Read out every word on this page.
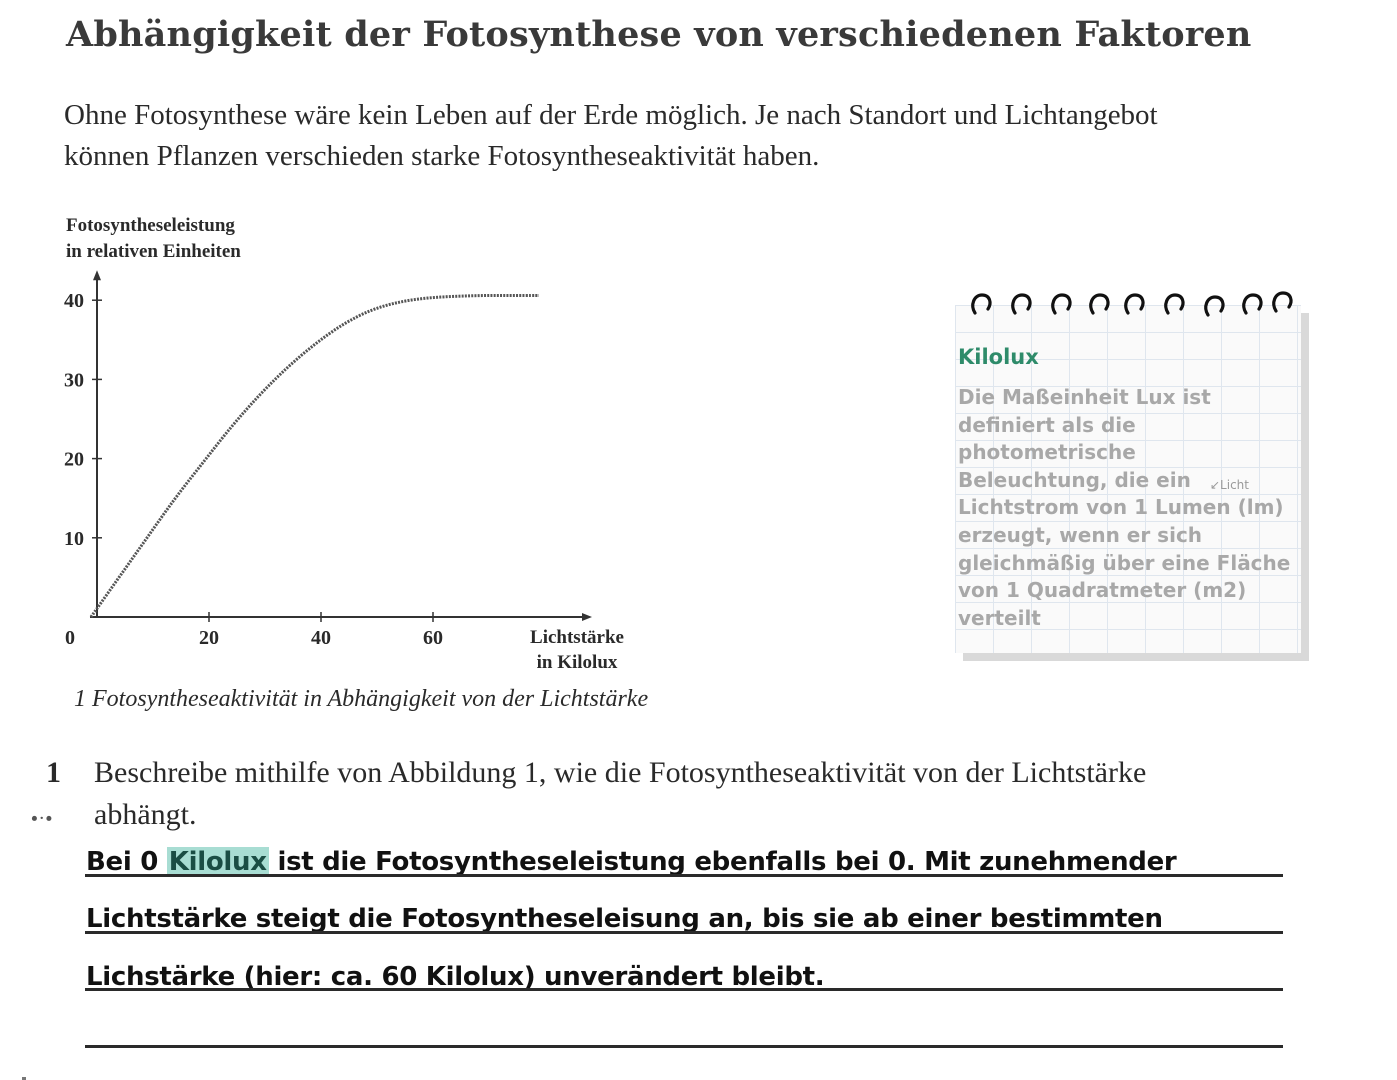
Abhängigkeit der Fotosynthese von verschiedenen Faktoren

Ohne Fotosynthese wäre kein Leben auf der Erde möglich. Je nach Standort und Lichtangebot

können Pflanzen verschieden starke Fotosyntheseaktivität haben.

Fotosyntheseleistung
in relativen Einheiten
Lichtstärke
in Kilolux
0
10
20
30
40
20	40	60
1 Fotosyntheseaktivität in Abhängigkeit von der Lichtstärke
Kilolux
Die Maßeinheit Lux ist
definiert als die
photometrische
Beleuchtung, die ein
Lichtstrom von 1 Lumen (lm)
erzeugt, wenn er sich
gleichmäßig über eine Fläche
von 1 Quadratmeter (m2)
verteilt
↙Licht
1 Beschreibe mithilfe von Abbildung 1, wie die Fotosyntheseaktivität von der Lichtstärke
abhängt.
∙·∙
Bei 0 Kilolux ist die Fotosyntheseleistung ebenfalls bei 0. Mit zunehmender
Lichtstärke steigt die Fotosyntheseleisung an, bis sie ab einer bestimmten
Lichstärke (hier: ca. 60 Kilolux) unverändert bleibt.
